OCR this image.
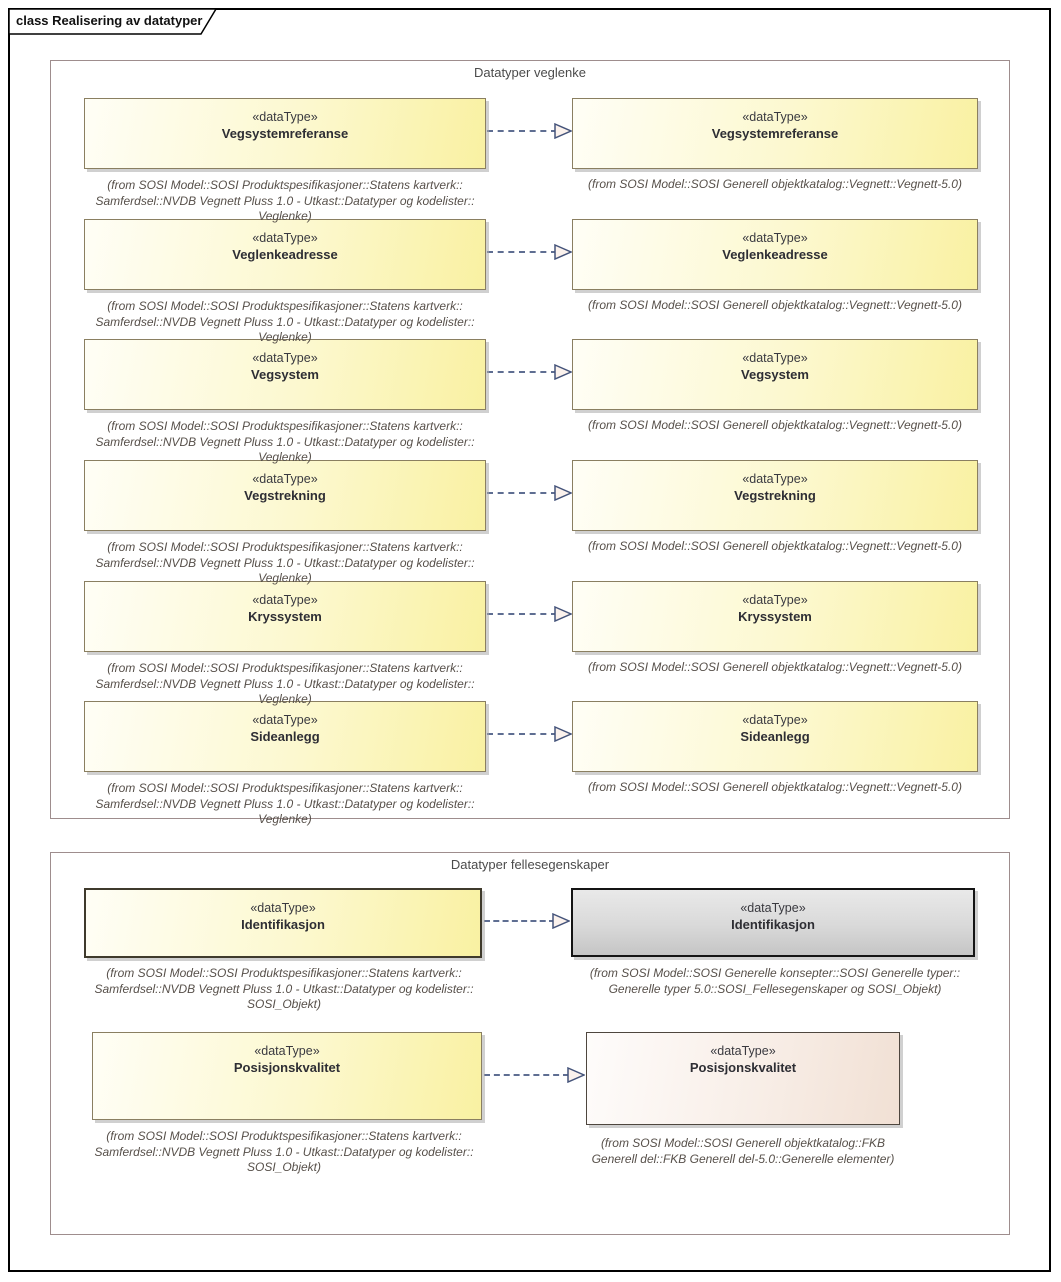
class Realisering av datatyper
Datatyper veglenke
«dataType»
Vegsystemreferanse
«dataType»
Vegsystemreferanse
(from SOSI Model::SOSI Produktspesifikasjoner::Statens kartverk::
Samferdsel::NVDB Vegnett Pluss 1.0 - Utkast::Datatyper og kodelister::
Veglenke)
(from SOSI Model::SOSI Generell objektkatalog::Vegnett::Vegnett-5.0)
«dataType»
Veglenkeadresse
«dataType»
Veglenkeadresse
(from SOSI Model::SOSI Produktspesifikasjoner::Statens kartverk::
Samferdsel::NVDB Vegnett Pluss 1.0 - Utkast::Datatyper og kodelister::
Veglenke)
(from SOSI Model::SOSI Generell objektkatalog::Vegnett::Vegnett-5.0)
«dataType»
Vegsystem
«dataType»
Vegsystem
(from SOSI Model::SOSI Produktspesifikasjoner::Statens kartverk::
Samferdsel::NVDB Vegnett Pluss 1.0 - Utkast::Datatyper og kodelister::
Veglenke)
(from SOSI Model::SOSI Generell objektkatalog::Vegnett::Vegnett-5.0)
«dataType»
Vegstrekning
«dataType»
Vegstrekning
(from SOSI Model::SOSI Produktspesifikasjoner::Statens kartverk::
Samferdsel::NVDB Vegnett Pluss 1.0 - Utkast::Datatyper og kodelister::
Veglenke)
(from SOSI Model::SOSI Generell objektkatalog::Vegnett::Vegnett-5.0)
«dataType»
Kryssystem
«dataType»
Kryssystem
(from SOSI Model::SOSI Produktspesifikasjoner::Statens kartverk::
Samferdsel::NVDB Vegnett Pluss 1.0 - Utkast::Datatyper og kodelister::
Veglenke)
(from SOSI Model::SOSI Generell objektkatalog::Vegnett::Vegnett-5.0)
«dataType»
Sideanlegg
«dataType»
Sideanlegg
(from SOSI Model::SOSI Produktspesifikasjoner::Statens kartverk::
Samferdsel::NVDB Vegnett Pluss 1.0 - Utkast::Datatyper og kodelister::
Veglenke)
(from SOSI Model::SOSI Generell objektkatalog::Vegnett::Vegnett-5.0)
Datatyper fellesegenskaper
«dataType»
Identifikasjon
«dataType»
Identifikasjon
(from SOSI Model::SOSI Produktspesifikasjoner::Statens kartverk::
Samferdsel::NVDB Vegnett Pluss 1.0 - Utkast::Datatyper og kodelister::
SOSI_Objekt)
(from SOSI Model::SOSI Generelle konsepter::SOSI Generelle typer::
Generelle typer 5.0::SOSI_Fellesegenskaper og SOSI_Objekt)
«dataType»
Posisjonskvalitet
«dataType»
Posisjonskvalitet
(from SOSI Model::SOSI Produktspesifikasjoner::Statens kartverk::
Samferdsel::NVDB Vegnett Pluss 1.0 - Utkast::Datatyper og kodelister::
SOSI_Objekt)
(from SOSI Model::SOSI Generell objektkatalog::FKB
Generell del::FKB Generell del-5.0::Generelle elementer)
